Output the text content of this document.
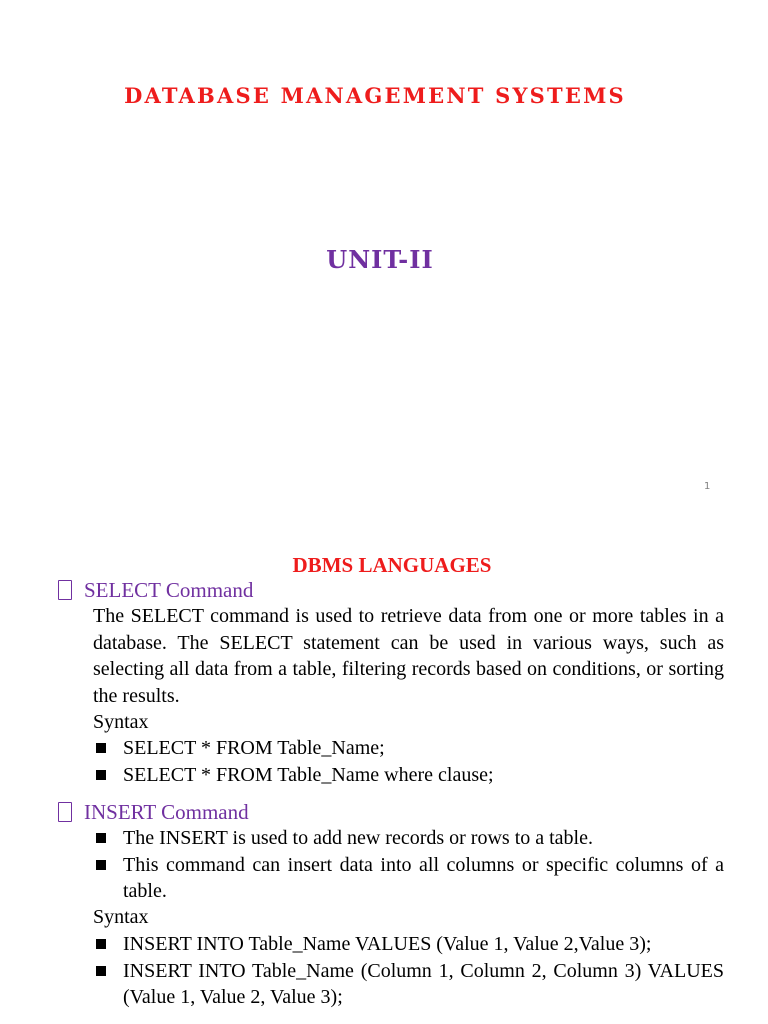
DATABASE MANAGEMENT SYSTEMS
UNIT-II
1
DBMS LANGUAGES
SELECT Command
The SELECT command is used to retrieve data from one or more tables in a database. The SELECT statement can be used in various ways, such as selecting all data from a table, filtering records based on conditions, or sorting the results.
Syntax
SELECT * FROM Table_Name;
SELECT * FROM Table_Name where clause;
INSERT Command
The INSERT is used to add new records or rows to a table.
This command can insert data into all columns or specific columns of a table.
Syntax
INSERT INTO Table_Name VALUES (Value 1, Value 2,Value 3);
INSERT INTO Table_Name (Column 1, Column 2, Column 3) VALUES (Value 1, Value 2, Value 3);
